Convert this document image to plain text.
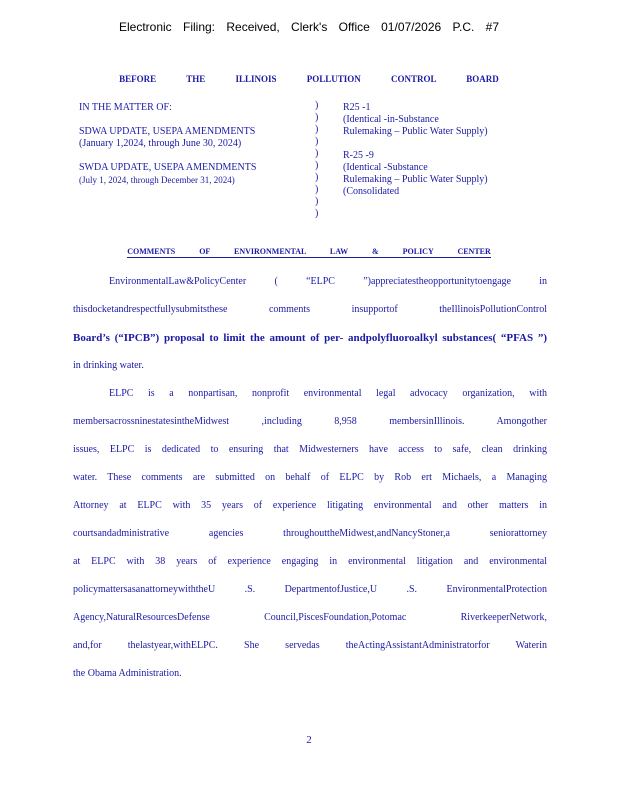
Electronic Filing: Received, Clerk's Office 01/07/2026 P.C. #7
BEFORE THE ILLINOIS POLLUTION CONTROL BOARD
IN THE MATTER OF:
SDWA UPDATE, USEPA AMENDMENTS
(January 1,2024, through June 30, 2024)
SWDA UPDATE, USEPA AMENDMENTS
(July 1, 2024, through December 31, 2024)
)
)
)
)
)
)
)
)
)
)
R25 -1
(Identical -in-Substance
Rulemaking – Public Water Supply)
R-25 -9
(Identical -Substance
Rulemaking – Public Water Supply)
(Consolidated
COMMENTS OF ENVIRONMENTAL LAW & POLICY CENTER
EnvironmentalLaw&PolicyCenter ( “ELPC ”)appreciatestheopportunitytoengage in
thisdocketandrespectfullysubmitsthese comments insupportof theIllinoisPollutionControl
Board’s (“IPCB”) proposal to limit the amount of per- andpolyfluoroalkyl substances( “PFAS ”)
in drinking water.
ELPC is a nonpartisan, nonprofit environmental legal advocacy organization, with
membersacrossninestatesintheMidwest ,including 8,958 membersinIllinois. Amongother
issues, ELPC is dedicated to ensuring that Midwesterners have access to safe, clean drinking
water. These comments are submitted on behalf of ELPC by Rob ert Michaels, a Managing
Attorney at ELPC with 35 years of experience litigating environmental and other matters in
courtsandadministrative agencies throughouttheMidwest,andNancyStoner,a seniorattorney
at ELPC with 38 years of experience engaging in environmental litigation and environmental
policymattersasanattorneywiththeU .S. DepartmentofJustice,U .S. EnvironmentalProtection
Agency,NaturalResourcesDefense Council,PiscesFoundation,Potomac RiverkeeperNetwork,
and,for thelastyear,withELPC. She servedas theActingAssistantAdministratorfor Waterin
the Obama Administration.
2
